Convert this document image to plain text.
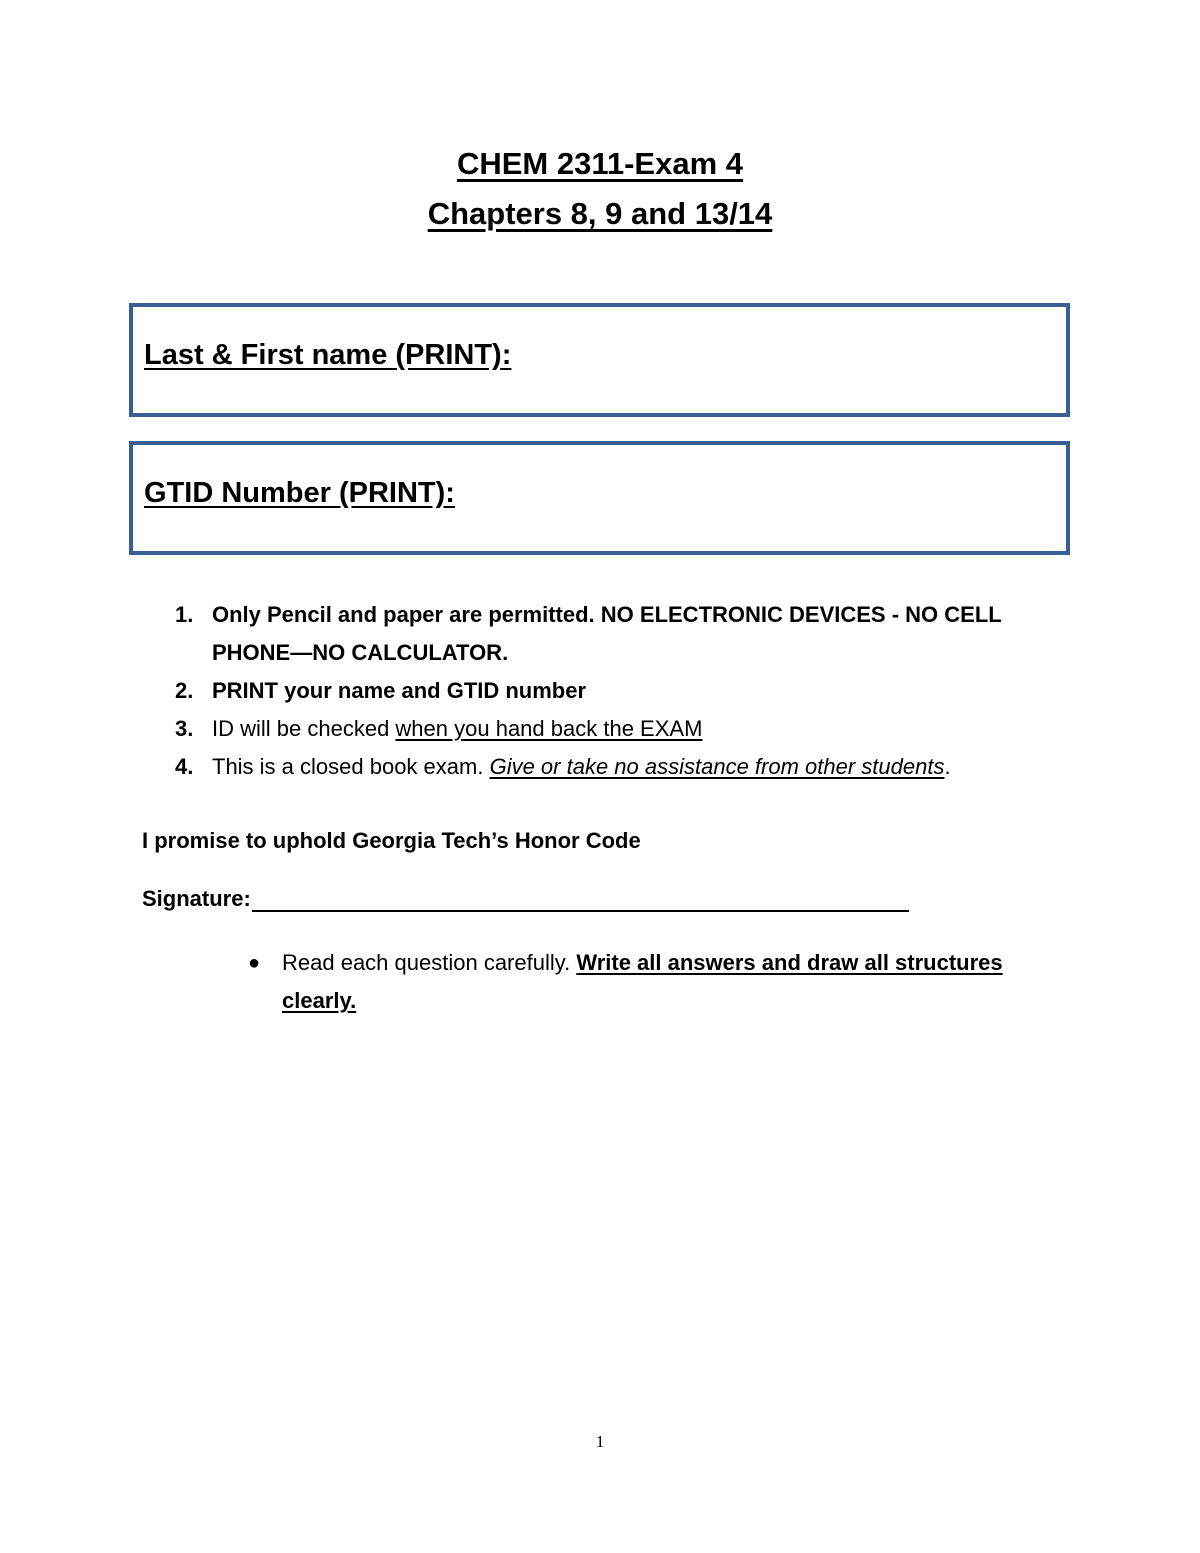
CHEM 2311-Exam 4
Chapters 8, 9 and 13/14
Last & First name (PRINT):
GTID Number (PRINT):
1. Only Pencil and paper are permitted. NO ELECTRONIC DEVICES - NO CELL PHONE—NO CALCULATOR.
2. PRINT your name and GTID number
3. ID will be checked when you hand back the EXAM
4. This is a closed book exam. Give or take no assistance from other students.
I promise to uphold Georgia Tech’s Honor Code
Signature:
● Read each question carefully. Write all answers and draw all structures clearly.
1
